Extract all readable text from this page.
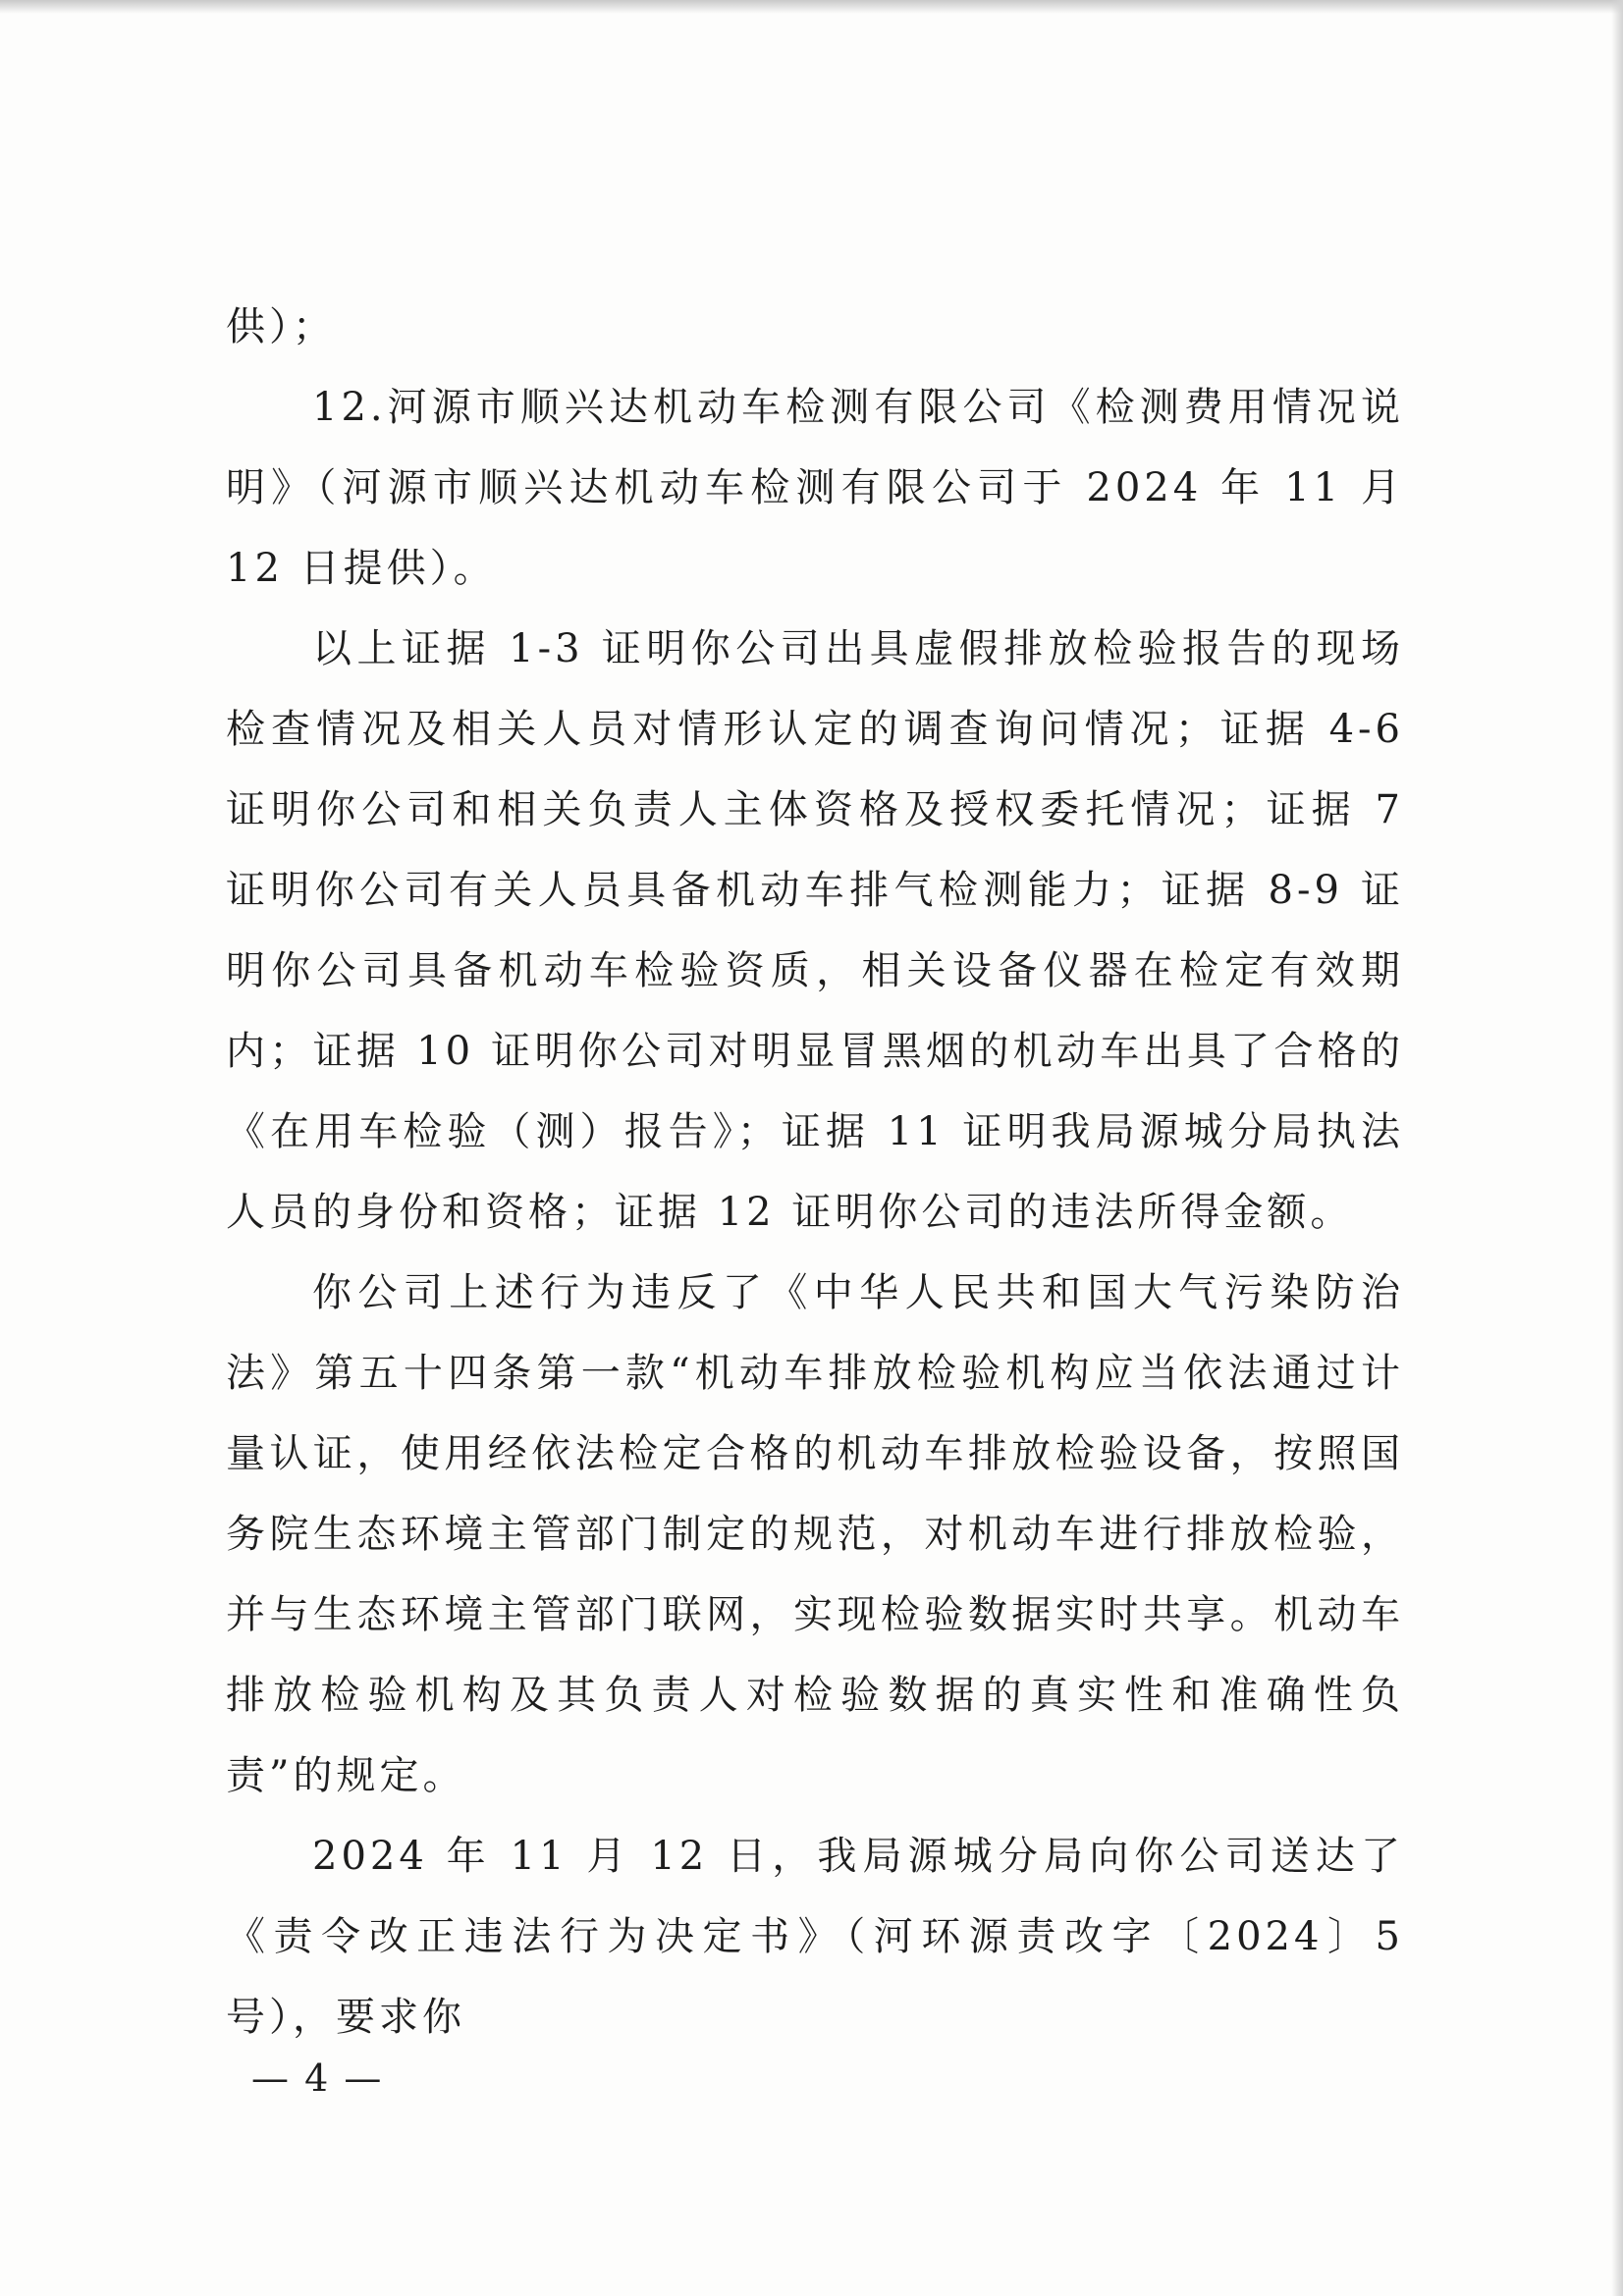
供）；

12.河源市顺兴达机动车检测有限公司《检测费用情况说明》（河源市顺兴达机动车检测有限公司于 2024 年 11 月 12 日提供）。

以上证据 1-3 证明你公司出具虚假排放检验报告的现场检查情况及相关人员对情形认定的调查询问情况；证据 4-6 证明你公司和相关负责人主体资格及授权委托情况；证据 7 证明你公司有关人员具备机动车排气检测能力；证据 8-9 证明你公司具备机动车检验资质，相关设备仪器在检定有效期内；证据 10 证明你公司对明显冒黑烟的机动车出具了合格的《在用车检验（测）报告》；证据 11 证明我局源城分局执法人员的身份和资格；证据 12 证明你公司的违法所得金额。

你公司上述行为违反了《中华人民共和国大气污染防治法》第五十四条第一款“机动车排放检验机构应当依法通过计量认证，使用经依法检定合格的机动车排放检验设备，按照国务院生态环境主管部门制定的规范，对机动车进行排放检验，并与生态环境主管部门联网，实现检验数据实时共享。机动车排放检验机构及其负责人对检验数据的真实性和准确性负责”的规定。

2024 年 11 月 12 日，我局源城分局向你公司送达了《责令改正违法行为决定书》（河环源责改字〔2024〕5 号），要求你

— 4 —
